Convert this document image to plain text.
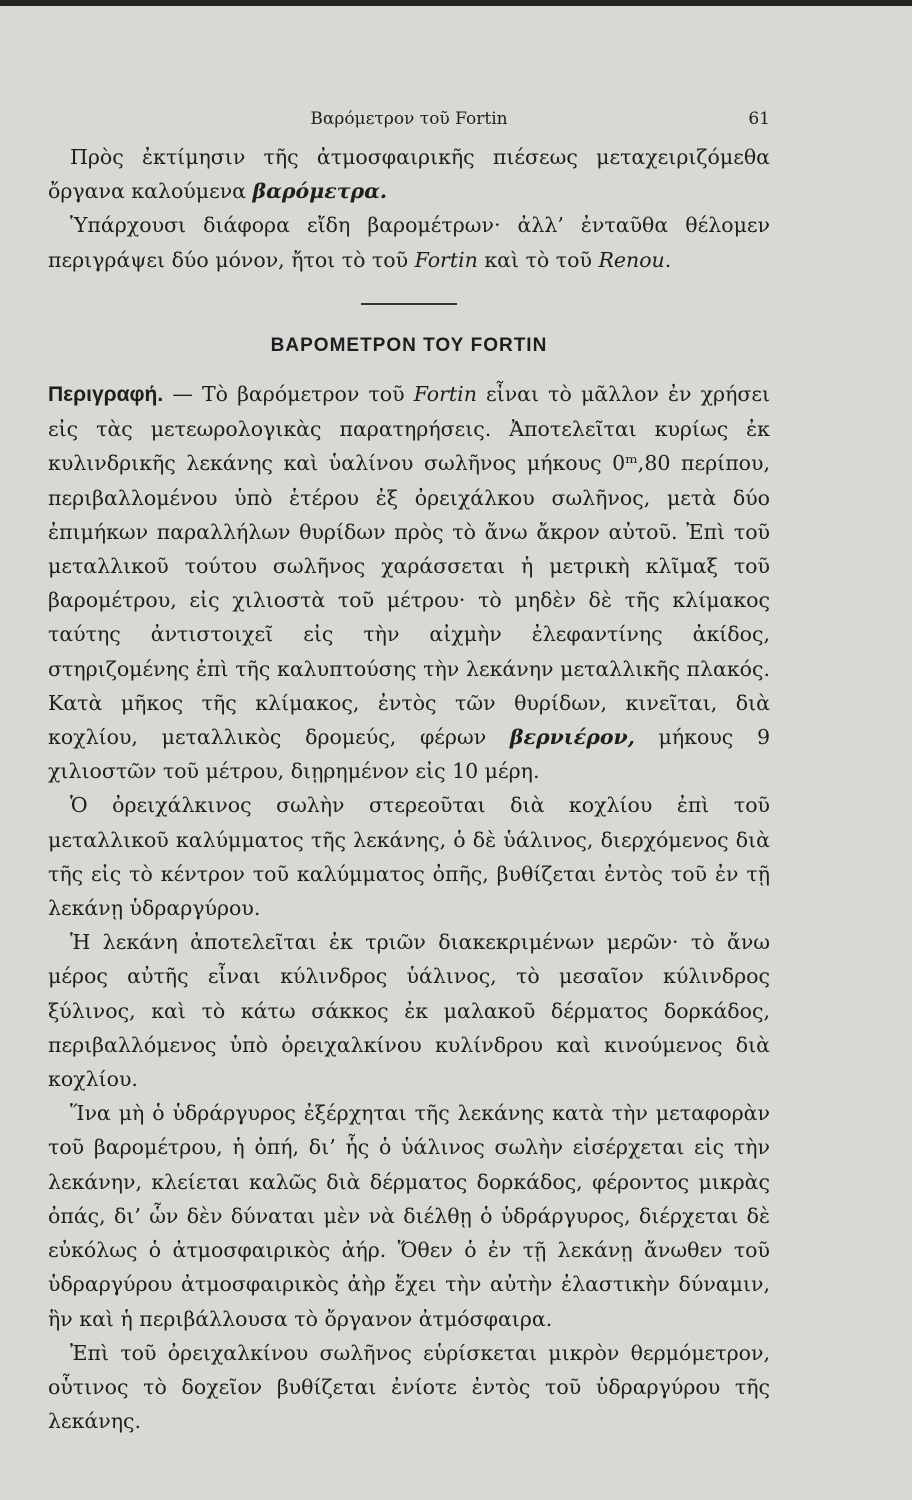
Βαρόμετρον τοῦ Fortin	61

Πρὸς ἐκτίμησιν τῆς ἀτμοσφαιρικῆς πιέσεως μεταχειριζόμεθα ὄργανα καλούμενα βαρόμετρα.

Ὑπάρχουσι διάφορα εἴδη βαρομέτρων· ἀλλ’ ἐνταῦθα θέλομεν περιγράψει δύο μόνον, ἤτοι τὸ τοῦ Fortin καὶ τὸ τοῦ Renou.

ΒΑΡΟΜΕΤΡΟΝ ΤΟΥ FORTIN

Περιγραφή. — Τὸ βαρόμετρον τοῦ Fortin εἶναι τὸ μᾶλλον ἐν χρήσει εἰς τὰς μετεωρολογικὰς παρατηρήσεις. Ἀποτελεῖται κυρίως ἐκ κυλινδρικῆς λεκάνης καὶ ὑαλίνου σωλῆνος μήκους 0ᵐ,80 περίπου, περιβαλλομένου ὑπὸ ἑτέρου ἐξ ὀρειχάλκου σωλῆνος, μετὰ δύο ἐπιμήκων παραλλήλων θυρίδων πρὸς τὸ ἄνω ἄκρον αὐτοῦ. Ἐπὶ τοῦ μεταλλικοῦ τούτου σωλῆνος χαράσσεται ἡ μετρικὴ κλῖμαξ τοῦ βαρομέτρου, εἰς χιλιοστὰ τοῦ μέτρου· τὸ μηδὲν δὲ τῆς κλίμακος ταύτης ἀντιστοιχεῖ εἰς τὴν αἰχμὴν ἐλεφαντίνης ἀκίδος, στηριζομένης ἐπὶ τῆς καλυπτούσης τὴν λεκάνην μεταλλικῆς πλακός. Κατὰ μῆκος τῆς κλίμακος, ἐντὸς τῶν θυρίδων, κινεῖται, διὰ κοχλίου, μεταλλικὸς δρομεύς, φέρων βερνιέρον, μήκους 9 χιλιοστῶν τοῦ μέτρου, διῃρημένον εἰς 10 μέρη.

Ὁ ὀρειχάλκινος σωλὴν στερεοῦται διὰ κοχλίου ἐπὶ τοῦ μεταλλικοῦ καλύμματος τῆς λεκάνης, ὁ δὲ ὑάλινος, διερχόμενος διὰ τῆς εἰς τὸ κέντρον τοῦ καλύμματος ὀπῆς, βυθίζεται ἐντὸς τοῦ ἐν τῇ λεκάνῃ ὑδραργύρου.

Ἡ λεκάνη ἀποτελεῖται ἐκ τριῶν διακεκριμένων μερῶν· τὸ ἄνω μέρος αὐτῆς εἶναι κύλινδρος ὑάλινος, τὸ μεσαῖον κύλινδρος ξύλινος, καὶ τὸ κάτω σάκκος ἐκ μαλακοῦ δέρματος δορκάδος, περιβαλλόμενος ὑπὸ ὀρειχαλκίνου κυλίνδρου καὶ κινούμενος διὰ κοχλίου.

Ἵνα μὴ ὁ ὑδράργυρος ἐξέρχηται τῆς λεκάνης κατὰ τὴν μεταφορὰν τοῦ βαρομέτρου, ἡ ὀπή, δι’ ἧς ὁ ὑάλινος σωλὴν εἰσέρχεται εἰς τὴν λεκάνην, κλείεται καλῶς διὰ δέρματος δορκάδος, φέροντος μικρὰς ὀπάς, δι’ ὧν δὲν δύναται μὲν νὰ διέλθῃ ὁ ὑδράργυρος, διέρχεται δὲ εὐκόλως ὁ ἀτμοσφαιρικὸς ἀήρ. Ὅθεν ὁ ἐν τῇ λεκάνῃ ἄνωθεν τοῦ ὑδραργύρου ἀτμοσφαιρικὸς ἀὴρ ἔχει τὴν αὐτὴν ἐλαστικὴν δύναμιν, ἣν καὶ ἡ περιβάλλουσα τὸ ὄργανον ἀτμόσφαιρα.

Ἐπὶ τοῦ ὀρειχαλκίνου σωλῆνος εὑρίσκεται μικρὸν θερμόμετρον, οὗτινος τὸ δοχεῖον βυθίζεται ἐνίοτε ἐντὸς τοῦ ὑδραργύρου τῆς λεκάνης.
